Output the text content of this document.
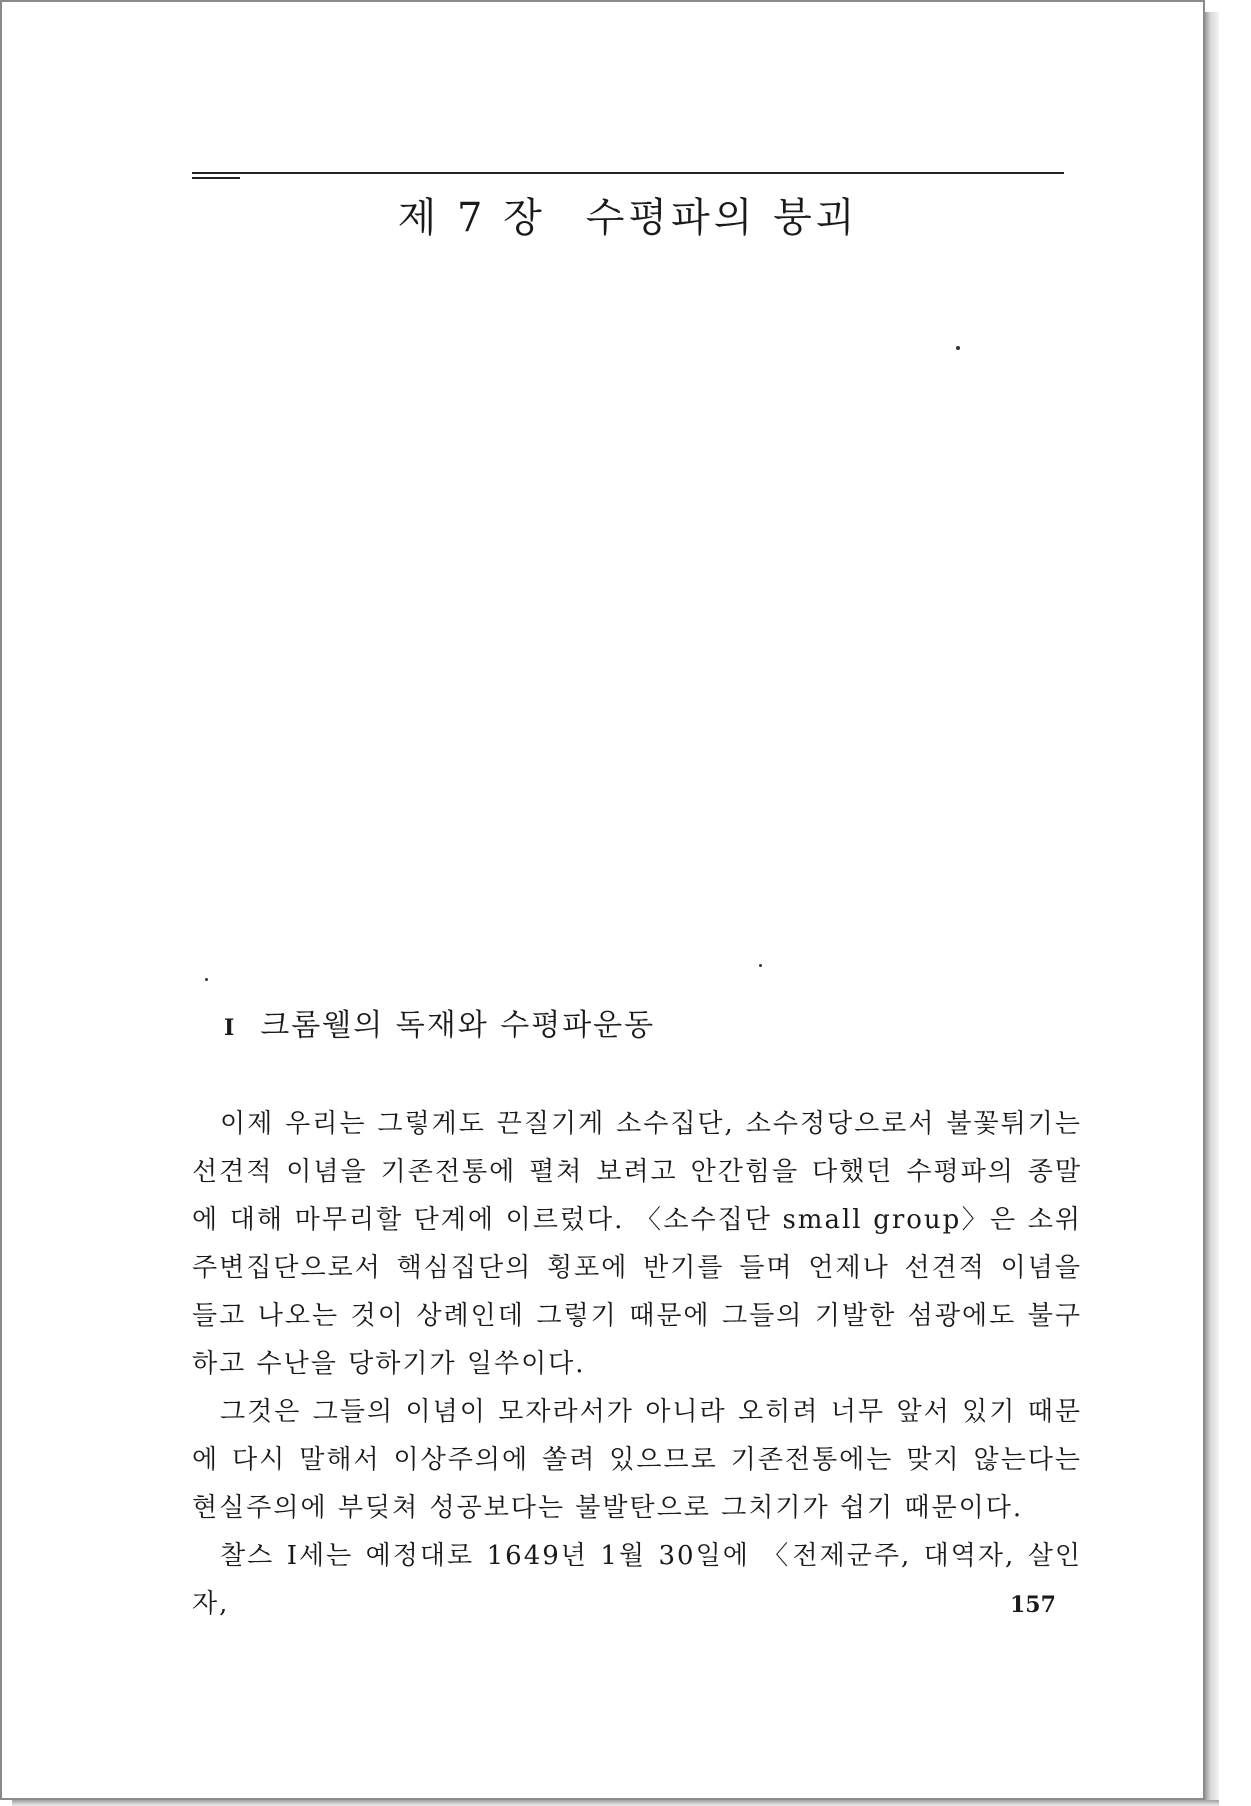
제 7 장 수평파의 붕괴
I 크롬웰의 독재와 수평파운동

이제 우리는 그렇게도 끈질기게 소수집단, 소수정당으로서 불꽃튀기는 선견적 이념을 기존전통에 펼쳐 보려고 안간힘을 다했던 수평파의 종말에 대해 마무리할 단계에 이르렀다. 〈소수집단 small group〉은 소위 주변집단으로서 핵심집단의 횡포에 반기를 들며 언제나 선견적 이념을 들고 나오는 것이 상례인데 그렇기 때문에 그들의 기발한 섬광에도 불구하고 수난을 당하기가 일쑤이다.

그것은 그들의 이념이 모자라서가 아니라 오히려 너무 앞서 있기 때문에 다시 말해서 이상주의에 쏠려 있으므로 기존전통에는 맞지 않는다는 현실주의에 부딪쳐 성공보다는 불발탄으로 그치기가 쉽기 때문이다.

찰스 I세는 예정대로 1649년 1월 30일에 〈전제군주, 대역자, 살인자,	157
